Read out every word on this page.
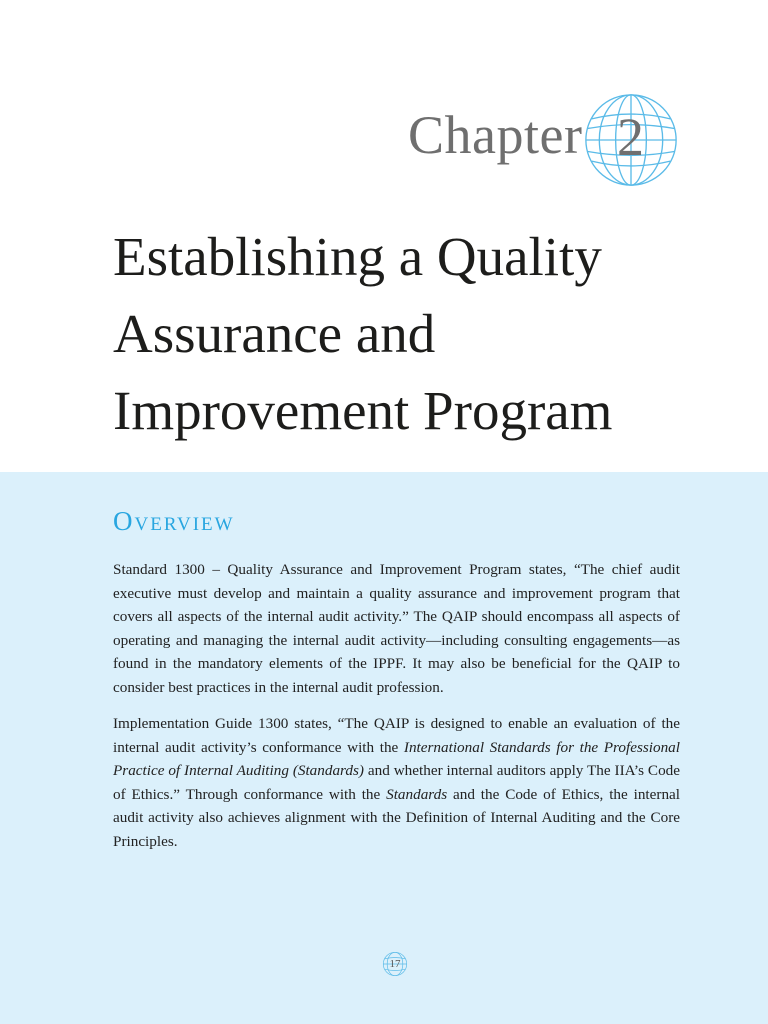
Chapter 2
Establishing a Quality
Assurance and
Improvement Program
Overview

Standard 1300 – Quality Assurance and Improvement Program states, “The chief audit executive must develop and maintain a quality assurance and improvement program that covers all aspects of the internal audit activity.” The QAIP should encompass all aspects of operating and managing the internal audit activity—including consulting engagements—as found in the mandatory elements of the IPPF. It may also be beneficial for the QAIP to consider best practices in the internal audit profession.

Implementation Guide 1300 states, “The QAIP is designed to enable an evaluation of the internal audit activity’s conformance with the International Standards for the Professional Practice of Internal Auditing (Standards) and whether internal auditors apply The IIA’s Code of Ethics.” Through conformance with the Standards and the Code of Ethics, the internal audit activity also achieves alignment with the Definition of Internal Auditing and the Core Principles.

17
